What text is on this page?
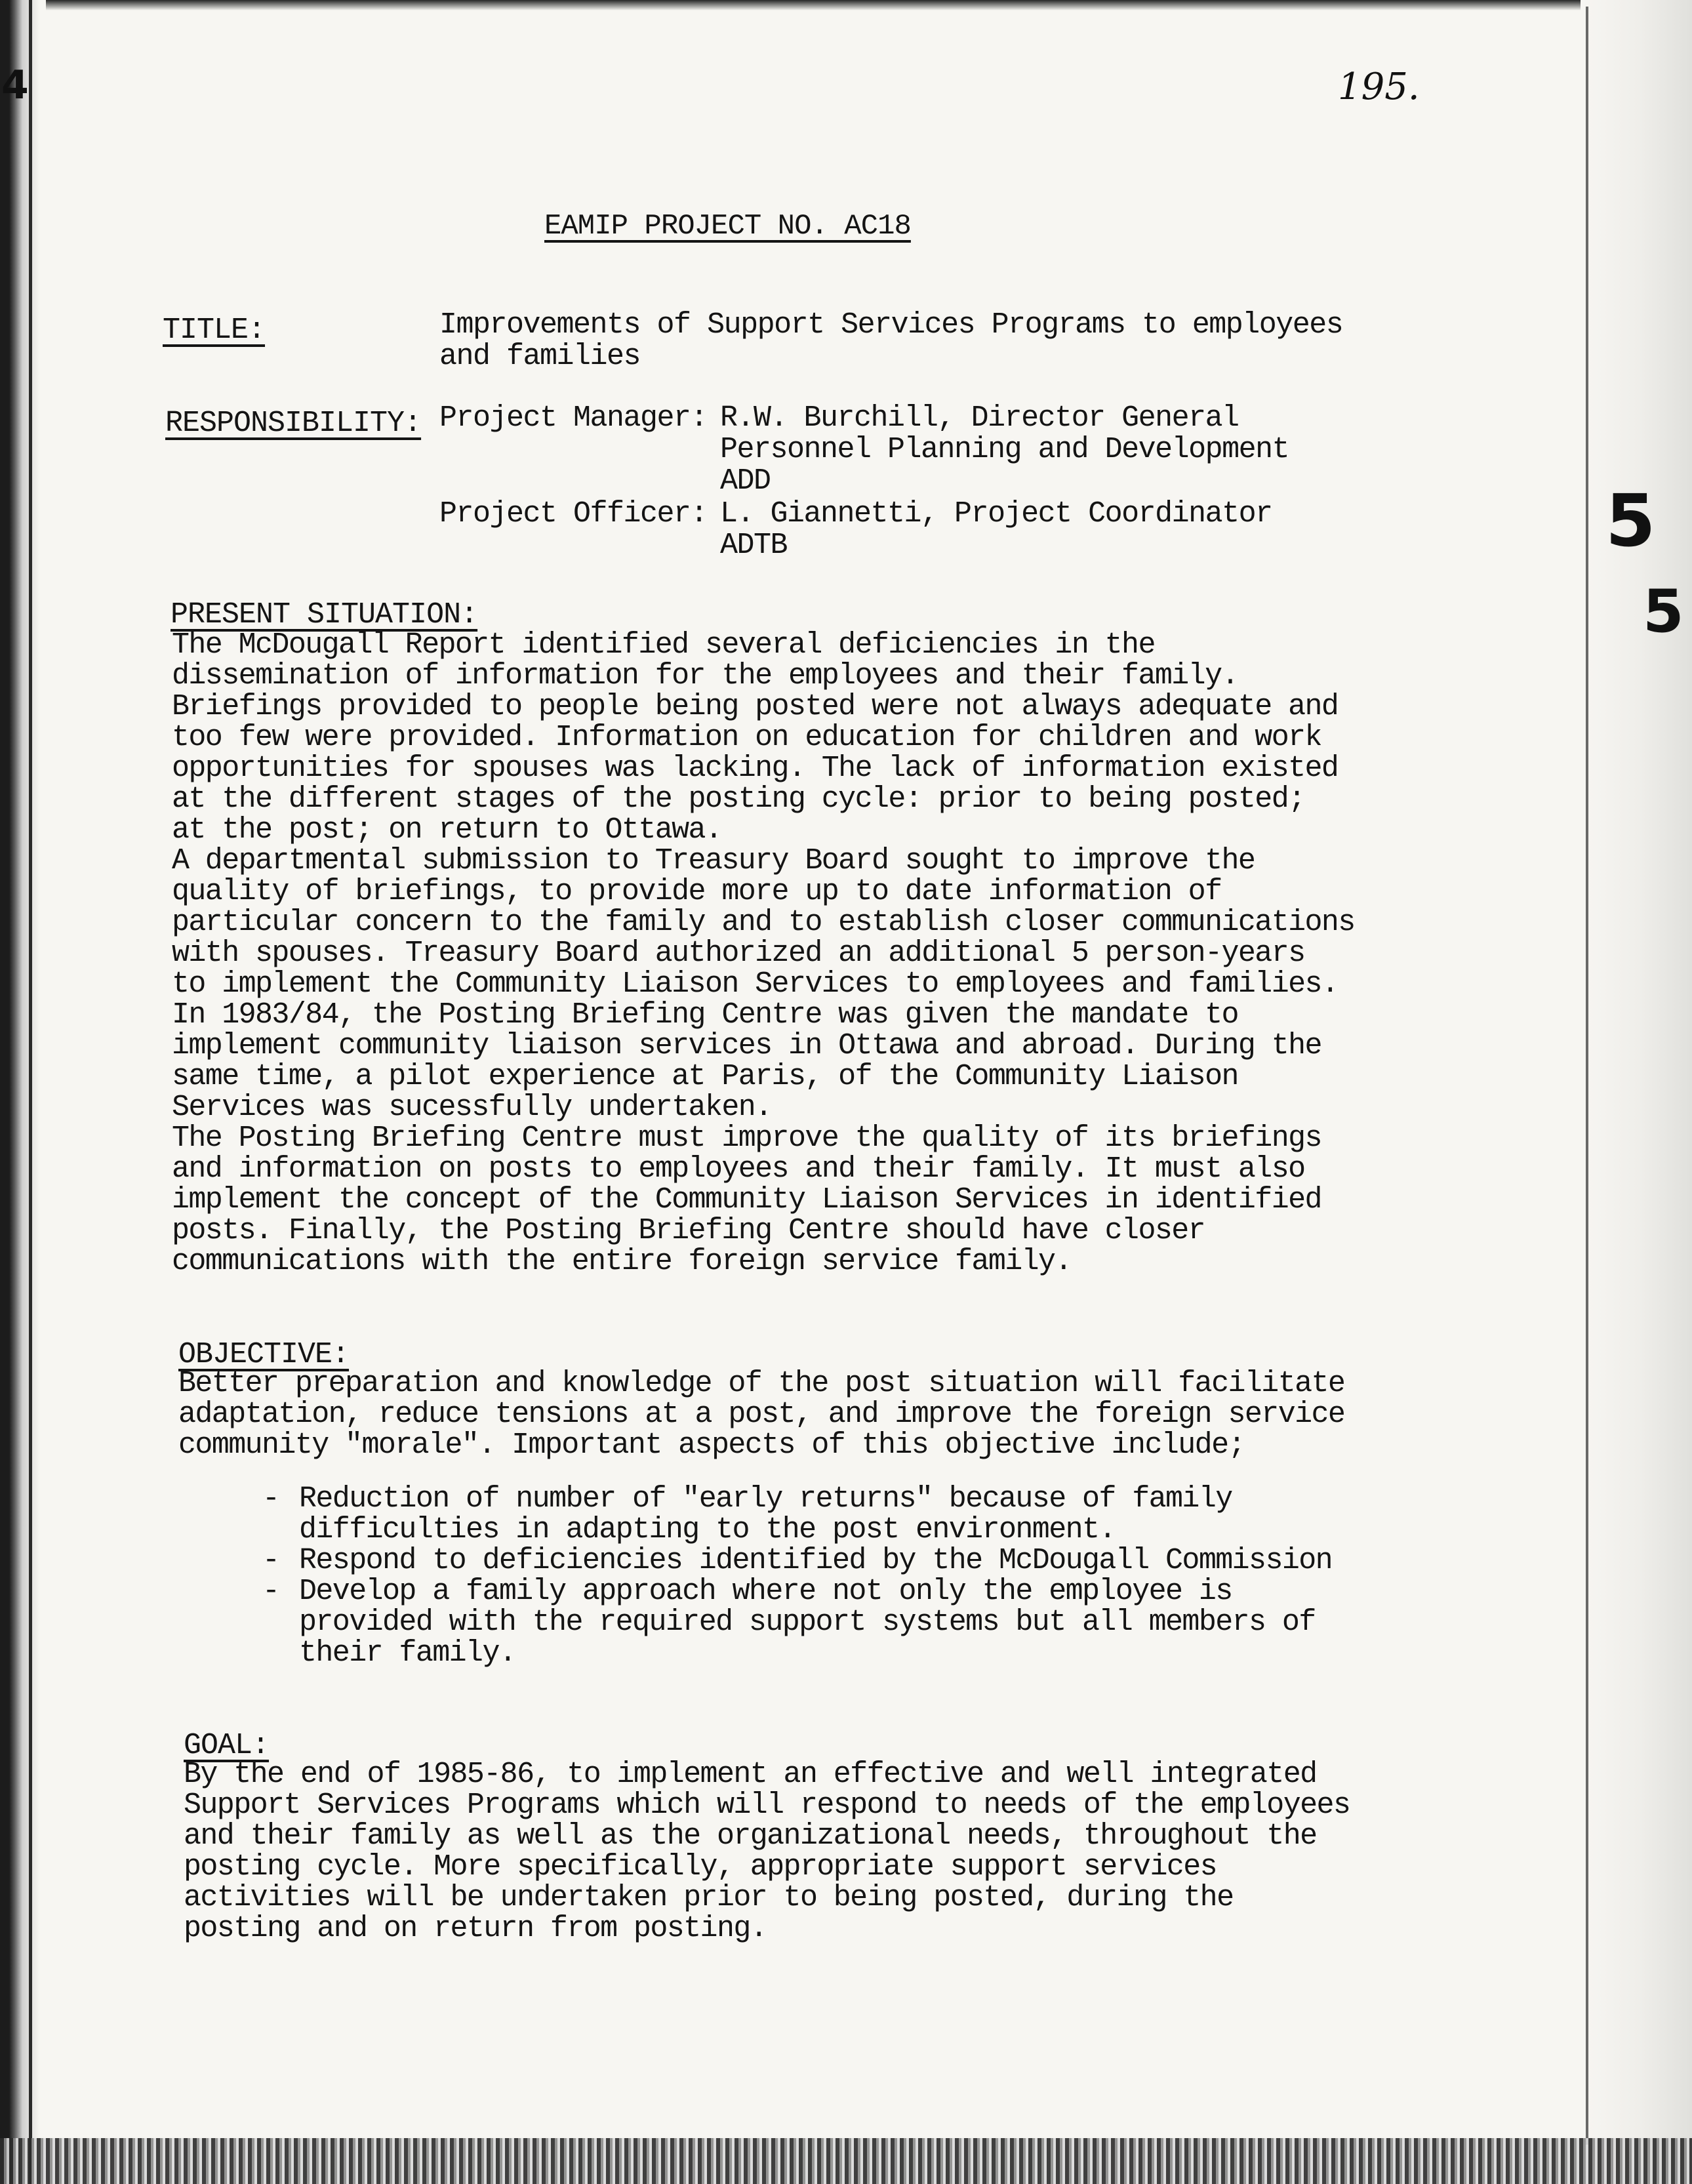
4
5
5
195.
EAMIP PROJECT NO. AC18
TITLE:	Improvements of Support Services Programs to employees
and families
RESPONSIBILITY: Project Manager: R.W. Burchill, Director General
Personnel Planning and Development
ADD
Project Officer: L. Giannetti, Project Coordinator
ADTB
PRESENT SITUATION:
The McDougall Report identified several deficiencies in the
dissemination of information for the employees and their family.
Briefings provided to people being posted were not always adequate and
too few were provided. Information on education for children and work
opportunities for spouses was lacking. The lack of information existed
at the different stages of the posting cycle: prior to being posted;
at the post; on return to Ottawa.
A departmental submission to Treasury Board sought to improve the
quality of briefings, to provide more up to date information of
particular concern to the family and to establish closer communications
with spouses. Treasury Board authorized an additional 5 person-years
to implement the Community Liaison Services to employees and families.
In 1983/84, the Posting Briefing Centre was given the mandate to
implement community liaison services in Ottawa and abroad. During the
same time, a pilot experience at Paris, of the Community Liaison
Services was sucessfully undertaken.
The Posting Briefing Centre must improve the quality of its briefings
and information on posts to employees and their family. It must also
implement the concept of the Community Liaison Services in identified
posts. Finally, the Posting Briefing Centre should have closer
communications with the entire foreign service family.
OBJECTIVE:
Better preparation and knowledge of the post situation will facilitate
adaptation, reduce tensions at a post, and improve the foreign service
community "morale". Important aspects of this objective include;
- Reduction of number of "early returns" because of family
difficulties in adapting to the post environment.
- Respond to deficiencies identified by the McDougall Commission
- Develop a family approach where not only the employee is
provided with the required support systems but all members of
their family.
GOAL:
By the end of 1985-86, to implement an effective and well integrated
Support Services Programs which will respond to needs of the employees
and their family as well as the organizational needs, throughout the
posting cycle. More specifically, appropriate support services
activities will be undertaken prior to being posted, during the
posting and on return from posting.
